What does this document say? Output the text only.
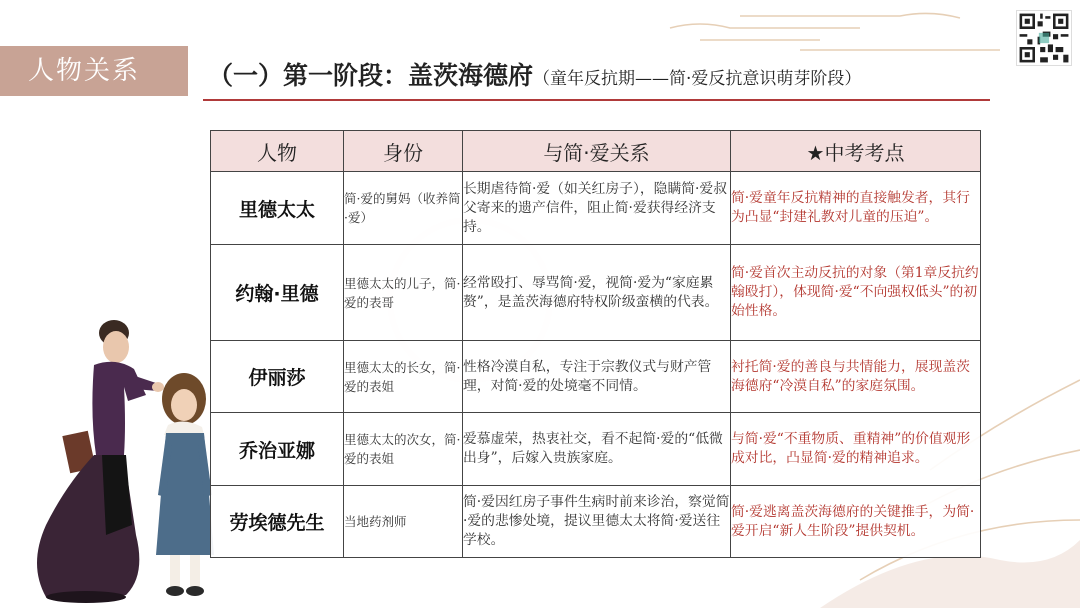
人物关系	（一）第一阶段：盖茨海德府（童年反抗期——简·爱反抗意识萌芽阶段）
人物	身份	与简·爱关系	★中考考点
里德太太	简·爱的舅妈（收养简·爱）	长期虐待简·爱（如关红房子），隐瞒简·爱叔父寄来的遗产信件，阻止简·爱获得经济支持。	简·爱童年反抗精神的直接触发者，其行为凸显“封建礼教对儿童的压迫”。
约翰·里德	里德太太的儿子，简·爱的表哥	经常殴打、辱骂简·爱，视简·爱为“家庭累赘”，是盖茨海德府特权阶级蛮横的代表。	简·爱首次主动反抗的对象（第1章反抗约翰殴打），体现简·爱“不向强权低头”的初始性格。
伊丽莎	里德太太的长女，简·爱的表姐	性格冷漠自私，专注于宗教仪式与财产管理，对简·爱的处境毫不同情。	衬托简·爱的善良与共情能力，展现盖茨海德府“冷漠自私”的家庭氛围。
乔治亚娜	里德太太的次女，简·爱的表姐	爱慕虚荣，热衷社交，看不起简·爱的“低微出身”，后嫁入贵族家庭。	与简·爱“不重物质、重精神”的价值观形成对比，凸显简·爱的精神追求。
劳埃德先生	当地药剂师	简·爱因红房子事件生病时前来诊治，察觉简·爱的悲惨处境，提议里德太太将简·爱送往学校。	简·爱逃离盖茨海德府的关键推手，为简·爱开启“新人生阶段”提供契机。
